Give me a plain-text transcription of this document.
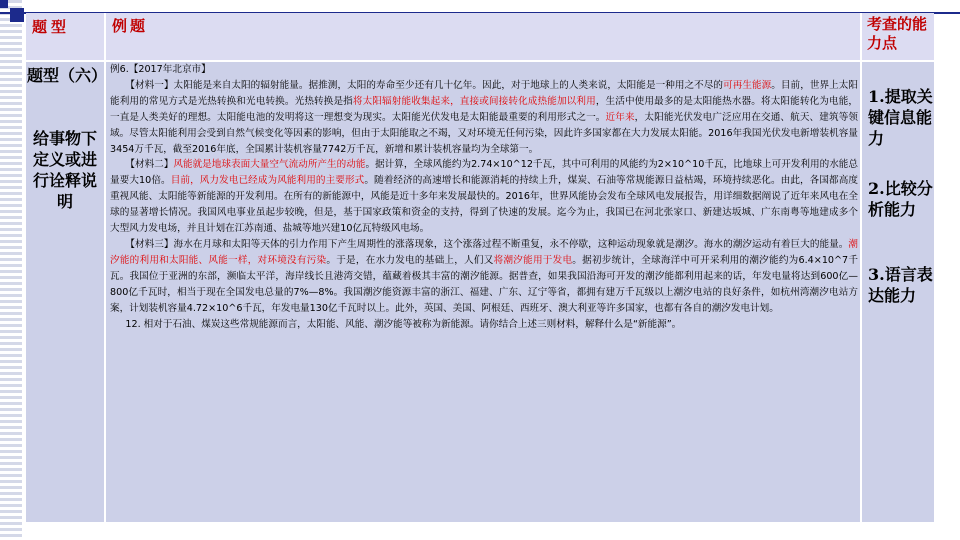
题型	例题	考查的能力点
题型（六）
给事物下定义或进行诠释说明

例6.【2017年北京市】

【材料一】太阳能是来自太阳的辐射能量。据推测，太阳的寿命至少还有几十亿年。因此，对于地球上的人类来说，太阳能是一种用之不尽的可再生能源。目前，世界上太阳能利用的常见方式是光热转换和光电转换。光热转换是指将太阳辐射能收集起来，直接或间接转化成热能加以利用，生活中使用最多的是太阳能热水器。将太阳能转化为电能，一直是人类美好的理想。太阳能电池的发明将这一理想变为现实。太阳能光伏发电是太阳能最重要的利用形式之一。近年来，太阳能光伏发电广泛应用在交通、航天、建筑等领域。尽管太阳能利用会受到自然气候变化等因素的影响，但由于太阳能取之不竭，又对环境无任何污染，因此许多国家都在大力发展太阳能。2016年我国光伏发电新增装机容量3454万千瓦，截至2016年底，全国累计装机容量7742万千瓦，新增和累计装机容量均为全球第一。

【材料二】风能就是地球表面大量空气流动所产生的动能。据计算，全球风能约为2.74×10^12千瓦，其中可利用的风能约为2×10^10千瓦，比地球上可开发利用的水能总量要大10倍。目前，风力发电已经成为风能利用的主要形式。随着经济的高速增长和能源消耗的持续上升，煤炭、石油等常规能源日益枯竭，环境持续恶化。由此，各国都高度重视风能、太阳能等新能源的开发利用。在所有的新能源中，风能是近十多年来发展最快的。2016年，世界风能协会发布全球风电发展报告，用详细数据阐说了近年来风电在全球的显著增长情况。我国风电事业虽起步较晚，但是，基于国家政策和资金的支持，得到了快速的发展。迄今为止，我国已在河北张家口、新建达坂城、广东南粤等地建成多个大型风力发电场，并且计划在江苏南通、盐城等地兴建10亿瓦特级风电场。

【材料三】海水在月球和太阳等天体的引力作用下产生周期性的涨落现象，这个涨落过程不断重复，永不停歇，这种运动现象就是潮汐。海水的潮汐运动有着巨大的能量。潮汐能的利用和太阳能、风能一样，对环境没有污染。于是，在水力发电的基础上，人们又将潮汐能用于发电。据初步统计，全球海洋中可开采利用的潮汐能约为6.4×10^7千瓦。我国位于亚洲的东部，濒临太平洋，海岸线长且港湾交错，蕴藏着极其丰富的潮汐能源。据普查，如果我国沿海可开发的潮汐能都利用起来的话，年发电量将达到600亿—800亿千瓦时，相当于现在全国发电总量的7%—8%。我国潮汐能资源丰富的浙江、福建、广东、辽宁等省，都拥有建万千瓦级以上潮汐电站的良好条件，如杭州湾潮汐电站方案，计划装机容量4.72×10^6千瓦，年发电量130亿千瓦时以上。此外，英国、美国、阿根廷、西班牙、澳大利亚等许多国家，也都有各自的潮汐发电计划。

12. 相对于石油、煤炭这些常规能源而言，太阳能、风能、潮汐能等被称为新能源。请你结合上述三则材料，解释什么是“新能源”。

1.提取关键信息能力
2.比较分析能力
3.语言表达能力
